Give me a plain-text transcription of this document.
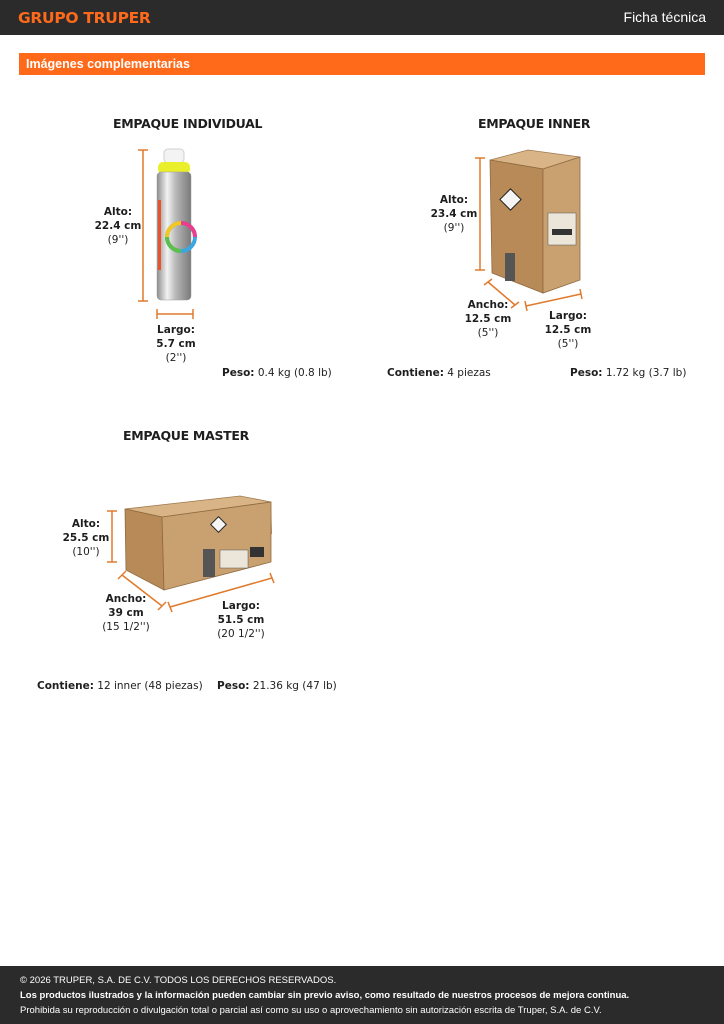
GRUPO TRUPER	Ficha técnica
Imágenes complementarias
EMPAQUE INDIVIDUAL
Alto:
22.4 cm
(9'')
Largo:
5.7 cm
(2'')
Peso: 0.4 kg (0.8 lb)
EMPAQUE INNER
Alto:
23.4 cm
(9'')
Ancho:
12.5 cm
(5'')
Largo:
12.5 cm
(5'')
Contiene: 4 piezas	Peso: 1.72 kg (3.7 lb)
EMPAQUE MASTER
Alto:
25.5 cm
(10'')
Ancho:
39 cm
(15 1/2'')
Largo:
51.5 cm
(20 1/2'')
Contiene: 12 inner (48 piezas) Peso: 21.36 kg (47 lb)
© 2026 TRUPER, S.A. DE C.V. TODOS LOS DERECHOS RESERVADOS.
Los productos ilustrados y la información pueden cambiar sin previo aviso, como resultado de nuestros procesos de mejora continua.
Prohibida su reproducción o divulgación total o parcial así como su uso o aprovechamiento sin autorización escrita de Truper, S.A. de C.V.
